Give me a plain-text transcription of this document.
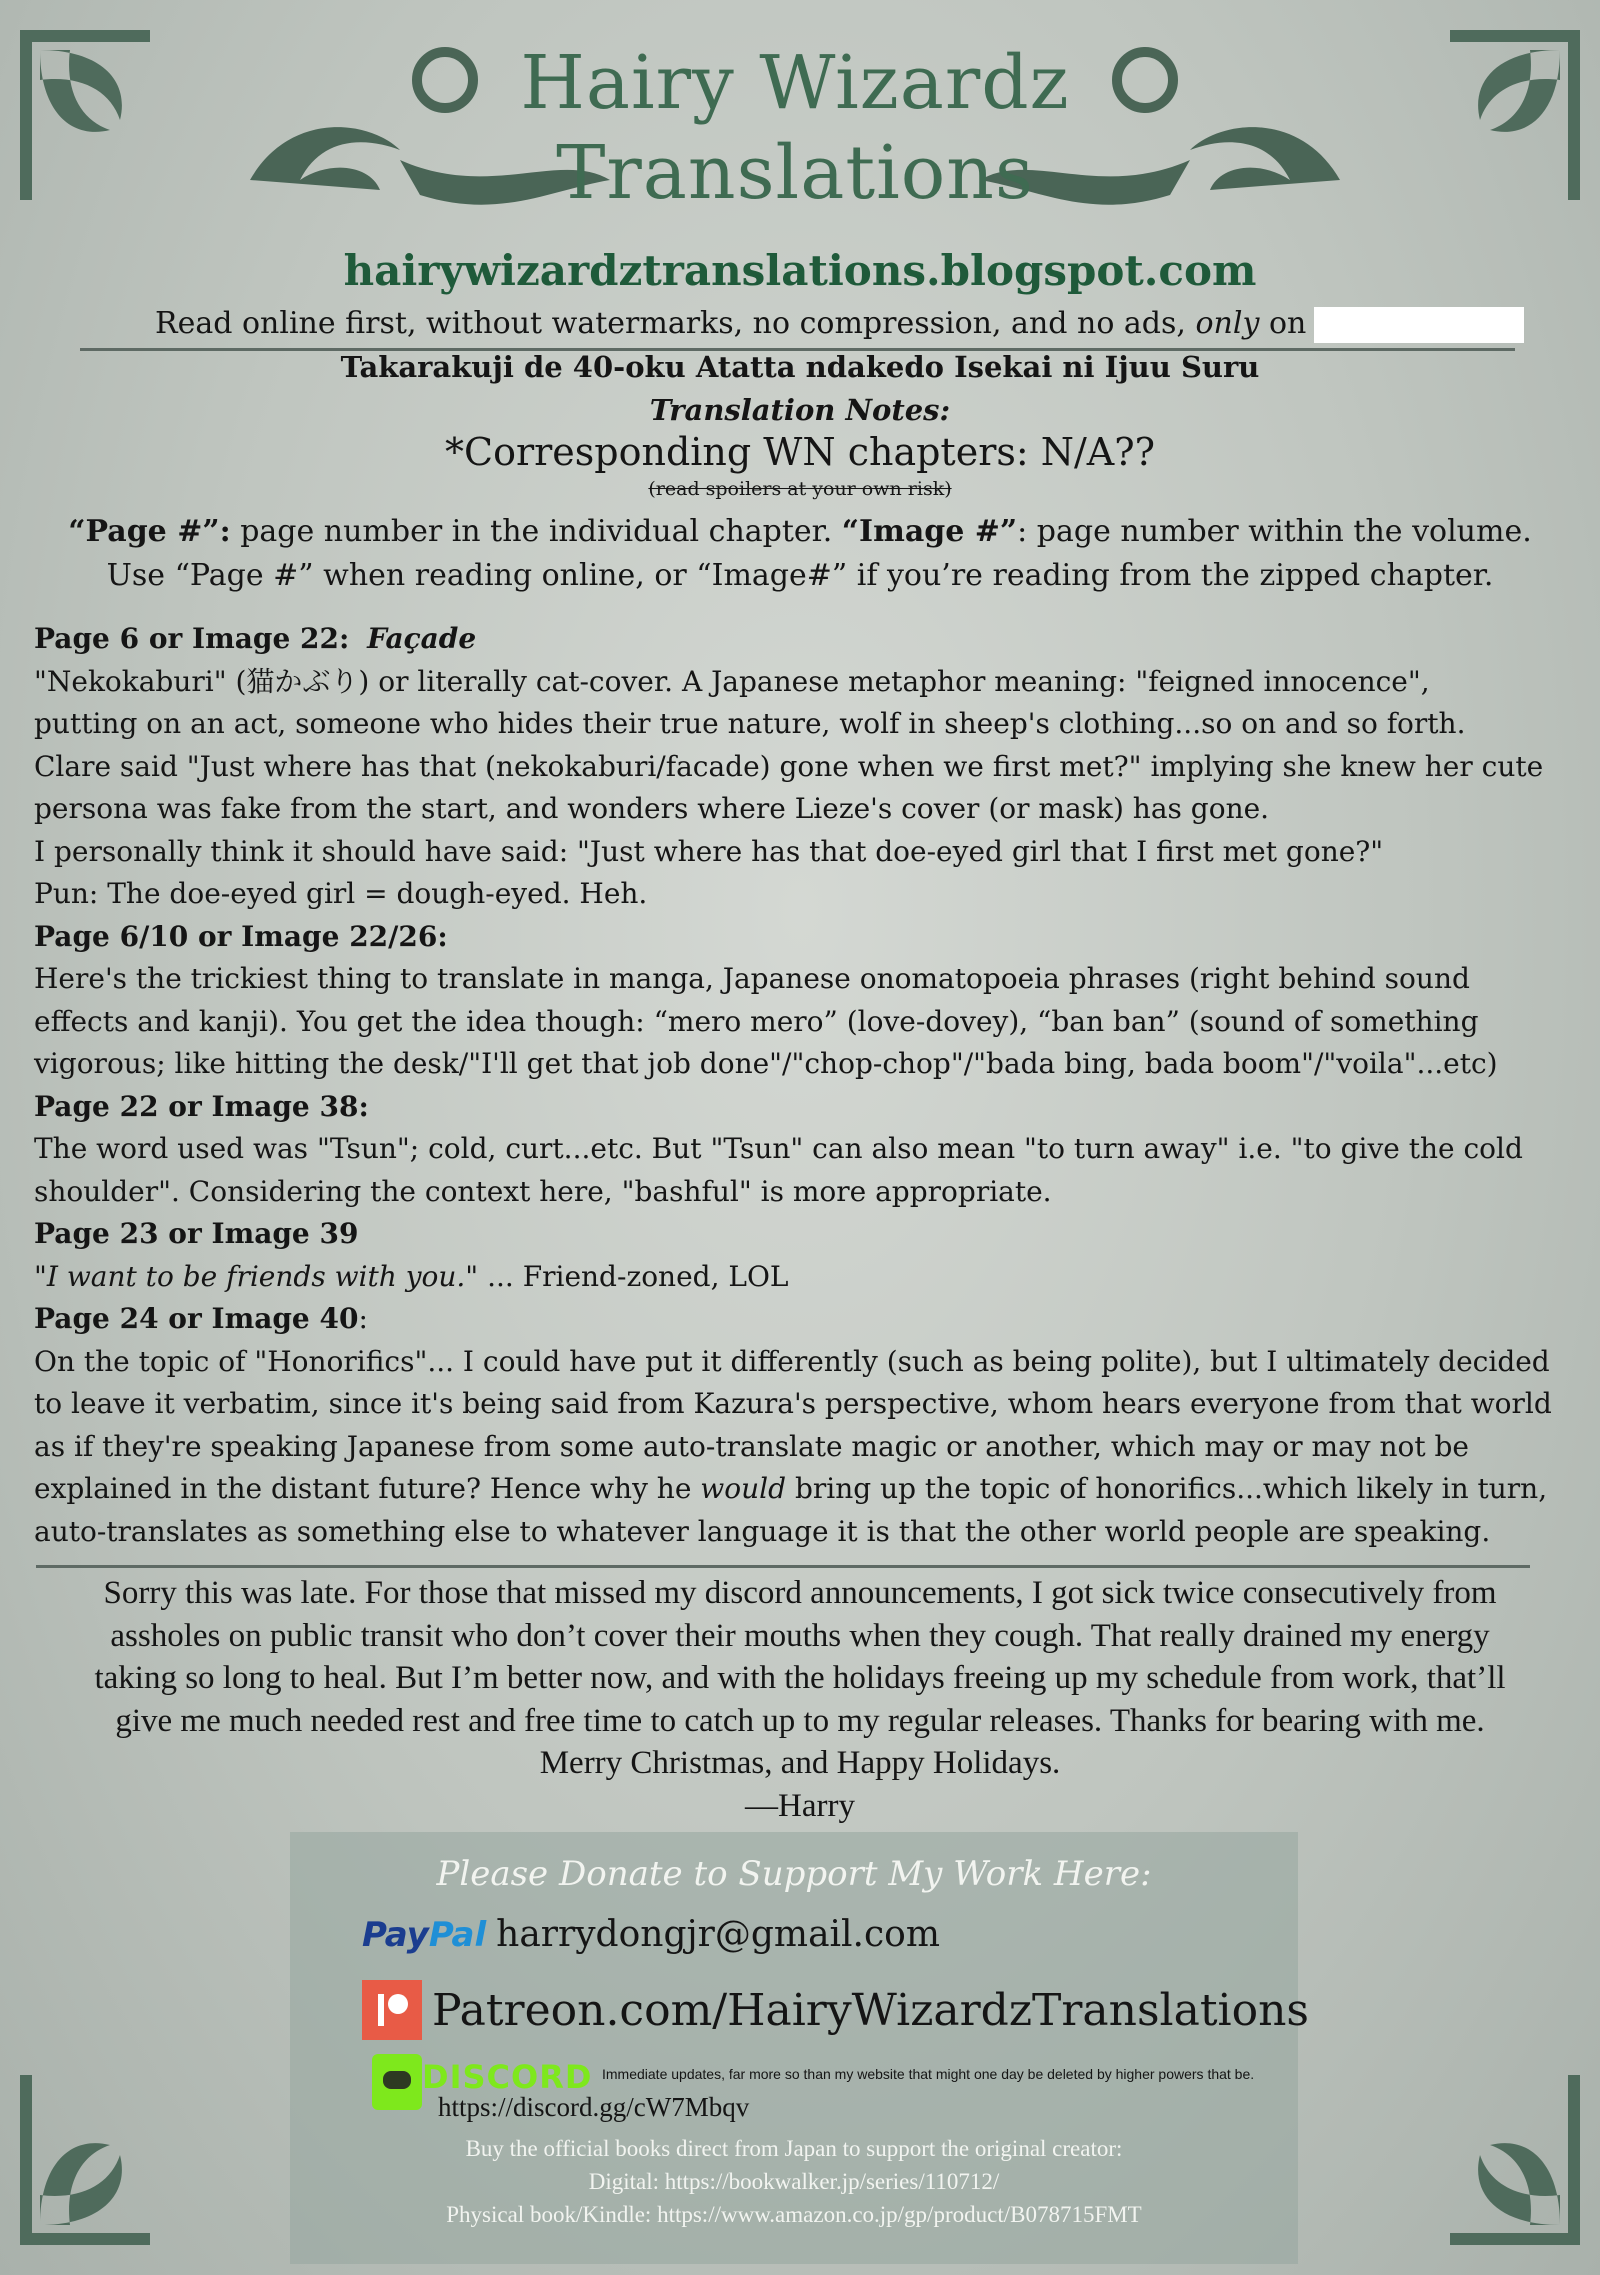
Hairy Wizardz
Translations
hairywizardztranslations.blogspot.com
Read online first, without watermarks, no compression, and no ads, only on
Takarakuji de 40-oku Atatta ndakedo Isekai ni Ijuu Suru
Translation Notes:
*Corresponding WN chapters: N/A??
(read spoilers at your own risk)
“Page #”: page number in the individual chapter. “Image #”: page number within the volume.
Use “Page #” when reading online, or “Image#” if you’re reading from the zipped chapter.
Page 6 or Image 22: Façade
"Nekokaburi" (猫かぶり) or literally cat-cover. A Japanese metaphor meaning: "feigned innocence",
putting on an act, someone who hides their true nature, wolf in sheep's clothing...so on and so forth.
Clare said "Just where has that (nekokaburi/facade) gone when we first met?" implying she knew her cute
persona was fake from the start, and wonders where Lieze's cover (or mask) has gone.
I personally think it should have said: "Just where has that doe-eyed girl that I first met gone?"
Pun: The doe-eyed girl = dough-eyed. Heh.
Page 6/10 or Image 22/26:
Here's the trickiest thing to translate in manga, Japanese onomatopoeia phrases (right behind sound
effects and kanji). You get the idea though: “mero mero” (love-dovey), “ban ban” (sound of something
vigorous; like hitting the desk/"I'll get that job done"/"chop-chop"/"bada bing, bada boom"/"voila"...etc)
Page 22 or Image 38:
The word used was "Tsun"; cold, curt...etc. But "Tsun" can also mean "to turn away" i.e. "to give the cold
shoulder". Considering the context here, "bashful" is more appropriate.
Page 23 or Image 39
"I want to be friends with you." ... Friend-zoned, LOL
Page 24 or Image 40:
On the topic of "Honorifics"... I could have put it differently (such as being polite), but I ultimately decided
to leave it verbatim, since it's being said from Kazura's perspective, whom hears everyone from that world
as if they're speaking Japanese from some auto-translate magic or another, which may or may not be
explained in the distant future? Hence why he would bring up the topic of honorifics...which likely in turn,
auto-translates as something else to whatever language it is that the other world people are speaking.
Sorry this was late. For those that missed my discord announcements, I got sick twice consecutively from
assholes on public transit who don’t cover their mouths when they cough. That really drained my energy
taking so long to heal. But I’m better now, and with the holidays freeing up my schedule from work, that’ll
give me much needed rest and free time to catch up to my regular releases. Thanks for bearing with me.
Merry Christmas, and Happy Holidays.
—Harry
Please Donate to Support My Work Here:
PayPal harrydongjr@gmail.com
Patreon.com/HairyWizardzTranslations
DISCORD Immediate updates, far more so than my website that might one day be deleted by higher powers that be.
https://discord.gg/cW7Mbqv
Buy the official books direct from Japan to support the original creator:
Digital: https://bookwalker.jp/series/110712/
Physical book/Kindle: https://www.amazon.co.jp/gp/product/B078715FMT
